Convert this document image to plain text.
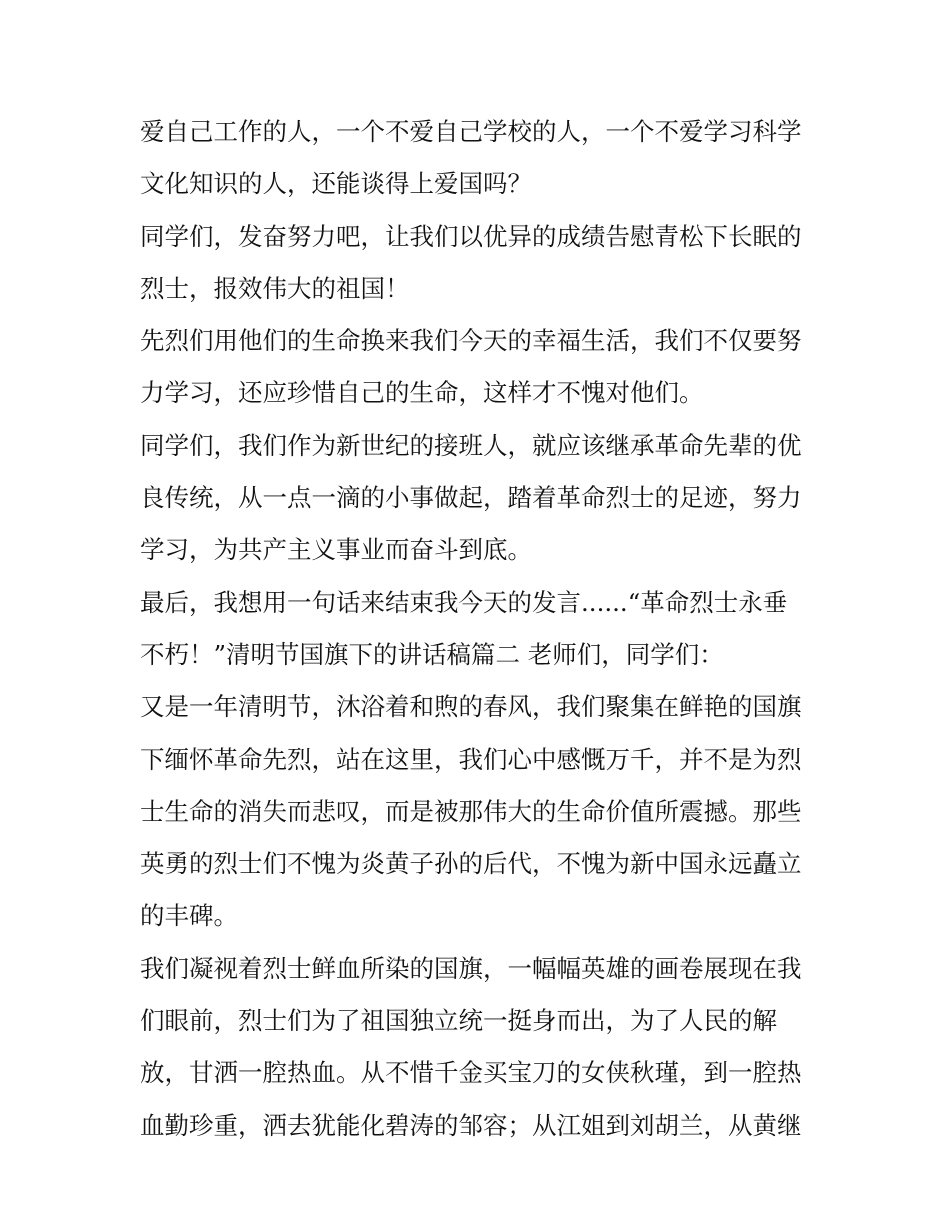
爱自己工作的人，一个不爱自己学校的人，一个不爱学习科学
文化知识的人，还能谈得上爱国吗？
同学们，发奋努力吧，让我们以优异的成绩告慰青松下长眠的
烈士，报效伟大的祖国！
先烈们用他们的生命换来我们今天的幸福生活，我们不仅要努
力学习，还应珍惜自己的生命，这样才不愧对他们。
同学们，我们作为新世纪的接班人，就应该继承革命先辈的优
良传统，从一点一滴的小事做起，踏着革命烈士的足迹，努力
学习，为共产主义事业而奋斗到底。
最后，我想用一句话来结束我今天的发言......“革命烈士永垂
不朽！”清明节国旗下的讲话稿篇二 老师们，同学们：
又是一年清明节，沐浴着和煦的春风，我们聚集在鲜艳的国旗
下缅怀革命先烈，站在这里，我们心中感慨万千，并不是为烈
士生命的消失而悲叹，而是被那伟大的生命价值所震撼。那些
英勇的烈士们不愧为炎黄子孙的后代，不愧为新中国永远矗立
的丰碑。
我们凝视着烈士鲜血所染的国旗，一幅幅英雄的画卷展现在我
们眼前，烈士们为了祖国独立统一挺身而出，为了人民的解
放，甘洒一腔热血。从不惜千金买宝刀的女侠秋瑾，到一腔热
血勤珍重，洒去犹能化碧涛的邹容；从江姐到刘胡兰，从黄继
